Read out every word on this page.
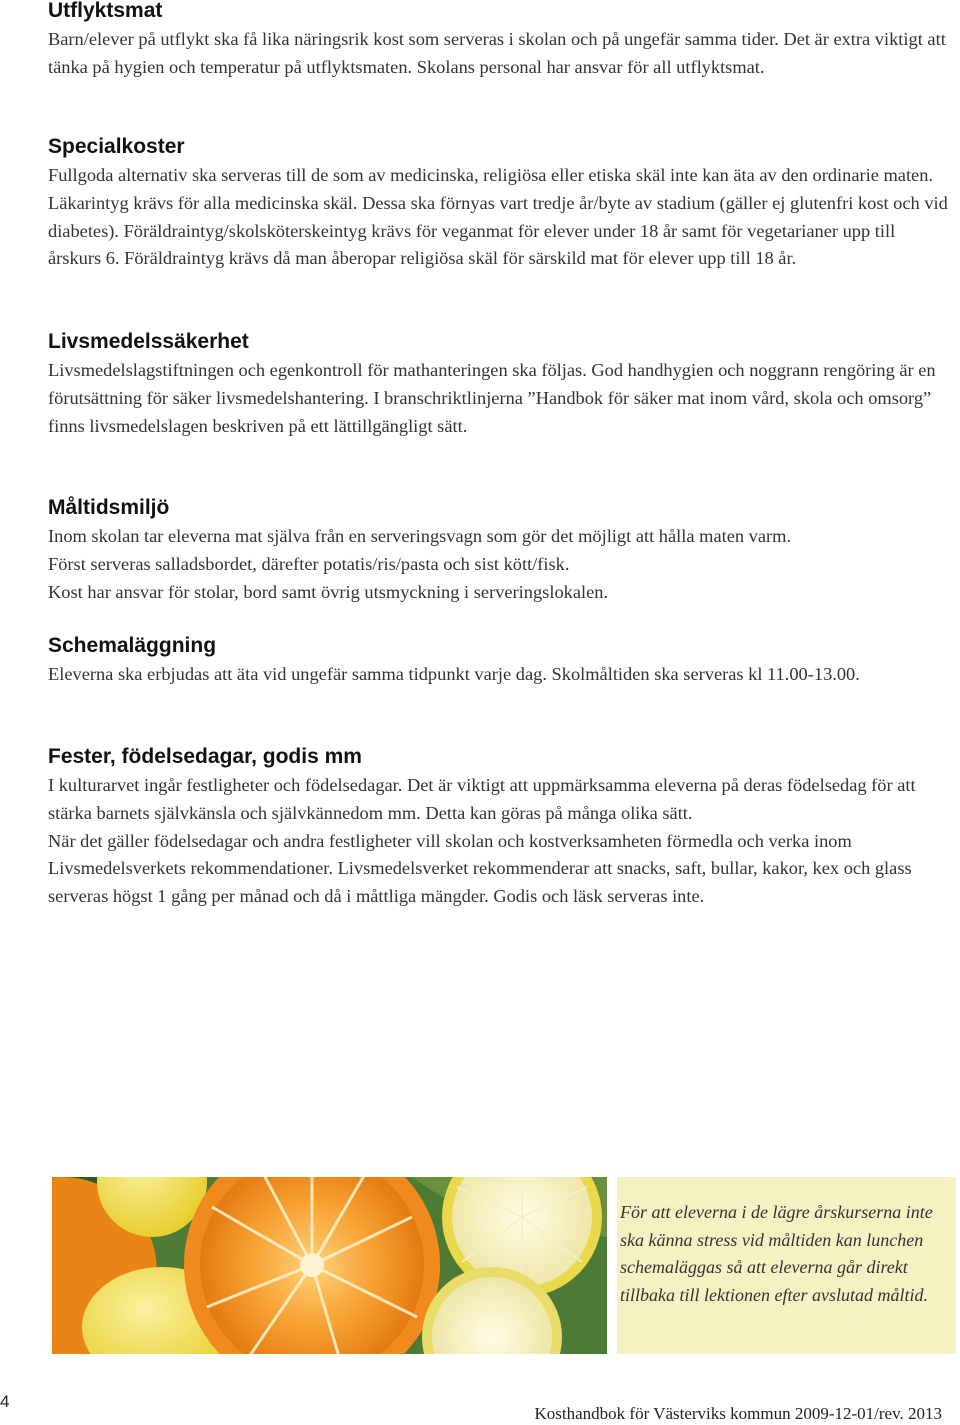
Utflyktsmat

Barn/elever på utflykt ska få lika näringsrik kost som serveras i skolan och på ungefär samma tider. Det är extra viktigt att tänka på hygien och temperatur på utflyktsmaten. Skolans personal har ansvar för all utflyktsmat.

Specialkoster

Fullgoda alternativ ska serveras till de som av medicinska, religiösa eller etiska skäl inte kan äta av den ordinarie maten. Läkarintyg krävs för alla medicinska skäl. Dessa ska förnyas vart tredje år/byte av stadium (gäller ej glutenfri kost och vid diabetes). Föräldraintyg/skolsköterskeintyg krävs för veganmat för elever under 18 år samt för vegetarianer upp till årskurs 6. Föräldraintyg krävs då man åberopar religiösa skäl för särskild mat för elever upp till 18 år.

Livsmedelssäkerhet

Livsmedelslagstiftningen och egenkontroll för mathanteringen ska följas. God handhygien och noggrann rengöring är en förutsättning för säker livsmedelshantering. I branschriktlinjerna ”Handbok för säker mat inom vård, skola och omsorg” finns livsmedelslagen beskriven på ett lättillgängligt sätt.

Måltidsmiljö

Inom skolan tar eleverna mat själva från en serveringsvagn som gör det möjligt att hålla maten varm.

Först serveras salladsbordet, därefter potatis/ris/pasta och sist kött/fisk.

Kost har ansvar för stolar, bord samt övrig utsmyckning i serveringslokalen.

Schemaläggning

Eleverna ska erbjudas att äta vid ungefär samma tidpunkt varje dag. Skolmåltiden ska serveras kl 11.00-13.00.

Fester, födelsedagar, godis mm

I kulturarvet ingår festligheter och födelsedagar. Det är viktigt att uppmärksamma eleverna på deras födelsedag för att stärka barnets självkänsla och självkännedom mm. Detta kan göras på många olika sätt.

När det gäller födelsedagar och andra festligheter vill skolan och kostverksamheten förmedla och verka inom Livsmedelsverkets rekommendationer. Livsmedelsverket rekommenderar att snacks, saft, bullar, kakor, kex och glass serveras högst 1 gång per månad och då i måttliga mängder. Godis och läsk serveras inte.

För att eleverna i de lägre årskurserna inte ska känna stress vid måltiden kan lunchen schemaläggas så att eleverna går direkt tillbaka till lektionen efter avslutad måltid.

4
Kosthandbok för Västerviks kommun 2009-12-01/rev. 2013
